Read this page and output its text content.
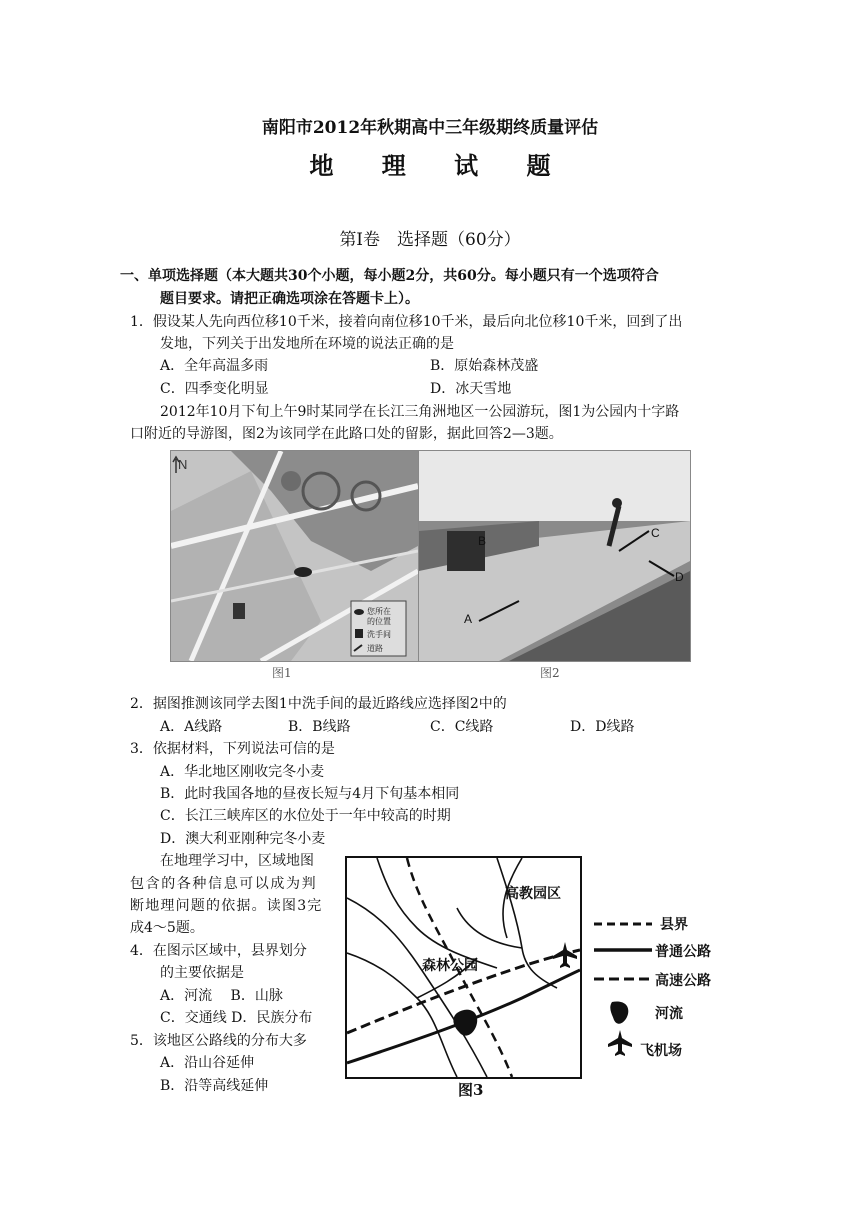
南阳市2012年秋期高中三年级期终质量评估
地 理 试 题
第Ⅰ卷　选择题（60分）
一、单项选择题（本大题共30个小题，每小题2分，共60分。每小题只有一个选项符合
题目要求。请把正确选项涂在答题卡上）。
1．假设某人先向西位移10千米，接着向南位移10千米，最后向北位移10千米，回到了出
发地，下列关于出发地所在环境的说法正确的是
A．全年高温多雨	B．原始森林茂盛
C．四季变化明显	D．冰天雪地
2012年10月下旬上午9时某同学在长江三角洲地区一公园游玩，图1为公园内十字路
口附近的导游图，图2为该同学在此路口处的留影，据此回答2—3题。
N
您所在
的位置
洗手间
道路
B
C
D
A
图1	图2
2．据图推测该同学去图1中洗手间的最近路线应选择图2中的
A．A线路	B．B线路	C．C线路	D．D线路
3．依据材料，下列说法可信的是
A．华北地区刚收完冬小麦
B．此时我国各地的昼夜长短与4月下旬基本相同
C．长江三峡库区的水位处于一年中较高的时期
D．澳大利亚刚种完冬小麦
在地理学习中，区域地图
包含的各种信息可以成为判
断地理问题的依据。读图3完
成4～5题。
4．在图示区域中，县界划分
的主要依据是
A．河流　 B．山脉
C．交通线 D．民族分布
5．该地区公路线的分布大多
A．沿山谷延伸
B．沿等高线延伸
高教园区
森林公园
图3
县界
普通公路
高速公路
河流
飞机场
